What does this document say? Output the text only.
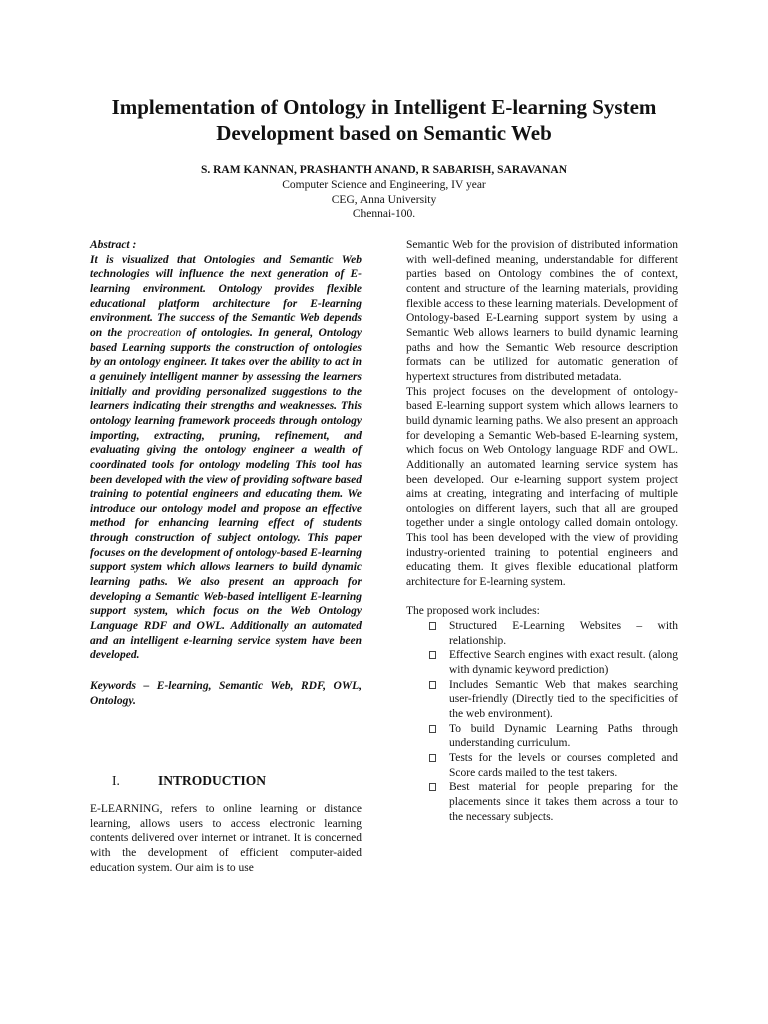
Implementation of Ontology in Intelligent E-learning System
Development based on Semantic Web
S. RAM KANNAN, PRASHANTH ANAND, R SABARISH, SARAVANAN
Computer Science and Engineering, IV year
CEG, Anna University
Chennai-100.
Abstract :
It is visualized that Ontologies and Semantic Web technologies will influence the next generation of E-learning environment. Ontology provides flexible educational platform architecture for E-learning environment. The success of the Semantic Web depends on the procreation of ontologies. In general, Ontology based Learning supports the construction of ontologies by an ontology engineer. It takes over the ability to act in a genuinely intelligent manner by assessing the learners initially and providing personalized suggestions to the learners indicating their strengths and weaknesses. This ontology learning framework proceeds through ontology importing, extracting, pruning, refinement, and evaluating giving the ontology engineer a wealth of coordinated tools for ontology modeling This tool has been developed with the view of providing software based training to potential engineers and educating them. We introduce our ontology model and propose an effective method for enhancing learning effect of students through construction of subject ontology. This paper focuses on the development of ontology-based E-learning support system which allows learners to build dynamic learning paths. We also present an approach for developing a Semantic Web-based intelligent E-learning support system, which focus on the Web Ontology Language RDF and OWL. Additionally an automated and an intelligent e-learning service system have been developed.
Keywords – E-learning, Semantic Web, RDF, OWL, Ontology.
I.	INTRODUCTION

E-LEARNING, refers to online learning or distance learning, allows users to access electronic learning contents delivered over internet or intranet. It is concerned with the development of efficient computer-aided education system. Our aim is to use

Semantic Web for the provision of distributed information with well-defined meaning, understandable for different parties based on Ontology combines the of context, content and structure of the learning materials, providing flexible access to these learning materials. Development of Ontology-based E-Learning support system by using a Semantic Web allows learners to build dynamic learning paths and how the Semantic Web resource description formats can be utilized for automatic generation of hypertext structures from distributed metadata.

This project focuses on the development of ontology-based E-learning support system which allows learners to build dynamic learning paths. We also present an approach for developing a Semantic Web-based E-learning system, which focus on Web Ontology language RDF and OWL. Additionally an automated learning service system has been developed. Our e-learning support system project aims at creating, integrating and interfacing of multiple ontologies on different layers, such that all are grouped together under a single ontology called domain ontology. This tool has been developed with the view of providing industry-oriented training to potential engineers and educating them. It gives flexible educational platform architecture for E-learning system.

The proposed work includes:

Structured E-Learning Websites – with relationship.
Effective Search engines with exact result. (along with dynamic keyword prediction)
Includes Semantic Web that makes searching user-friendly (Directly tied to the specificities of the web environment).
To build Dynamic Learning Paths through understanding curriculum.
Tests for the levels or courses completed and Score cards mailed to the test takers.
Best material for people preparing for the placements since it takes them across a tour to the necessary subjects.
